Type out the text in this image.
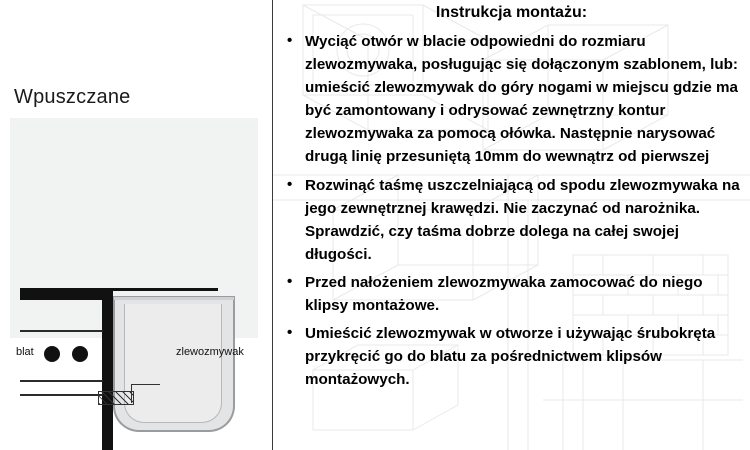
Wpuszczane
blat	zlewozmywak
Instrukcja montażu:
• Wyciąć otwór w blacie odpowiedni do rozmiaru zlewozmywaka, posługując się dołączonym szablonem, lub: umieścić zlewozmywak do góry nogami w miejscu gdzie ma być zamontowany i odrysować zewnętrzny kontur zlewozmywaka za pomocą ołówka. Następnie narysować drugą linię przesuniętą 10mm do wewnątrz od pierwszej
• Rozwinąć taśmę uszczelniającą od spodu zlewozmywaka na jego zewnętrznej krawędzi. Nie zaczynać od narożnika. Sprawdzić, czy taśma dobrze dolega na całej swojej długości.
• Przed nałożeniem zlewozmywaka zamocować do niego klipsy montażowe.
• Umieścić zlewozmywak w otworze i używając śrubokręta przykręcić go do blatu za pośrednictwem klipsów montażowych.
